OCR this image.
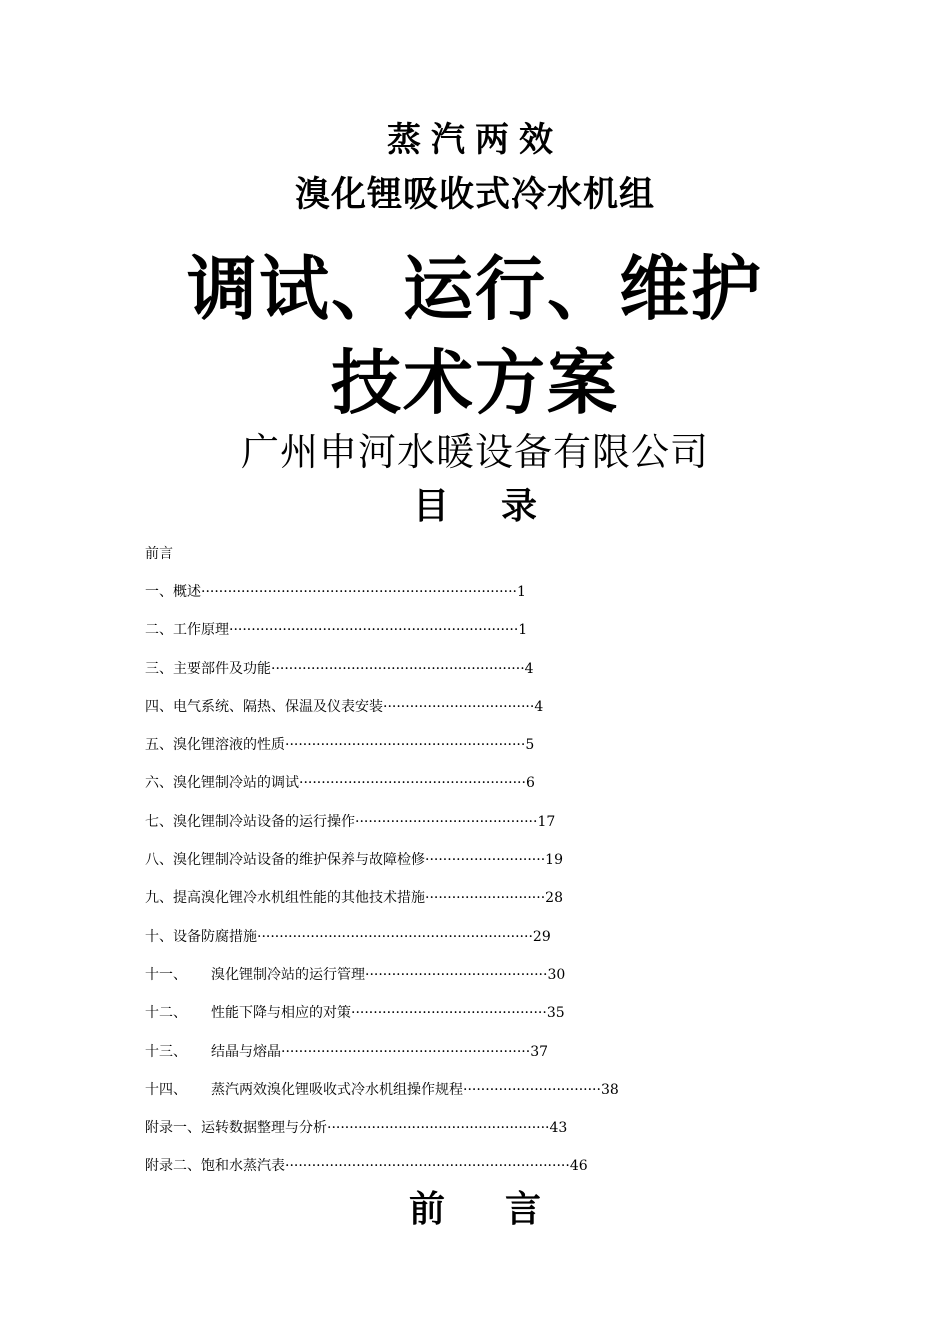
蒸汽两效
溴化锂吸收式冷水机组
调试、运行、维护
技术方案
广州申河水暖设备有限公司
目 录
前言
一、概述 ······································································· 1
二、工作原理 ································································· 1
三、主要部件及功能 ························································· 4
四、电气系统、隔热、保温及仪表安装 ·································· 4
五、溴化锂溶液的性质 ······················································ 5
六、溴化锂制冷站的调试 ··················································· 6
七、溴化锂制冷站设备的运行操作 ········································· 17
八、溴化锂制冷站设备的维护保养与故障检修 ··························· 19
九、提高溴化锂冷水机组性能的其他技术措施 ··························· 28
十、设备防腐措施 ······························································ 29
十一、 溴化锂制冷站的运行管理 ········································· 30
十二、 性能下降与相应的对策 ············································ 35
十三、 结晶与熔晶 ························································ 37
十四、 蒸汽两效溴化锂吸收式冷水机组操作规程 ······························· 38
附录一、运转数据整理与分析 ·················································· 43
附录二、饱和水蒸汽表 ································································ 46
前 言
